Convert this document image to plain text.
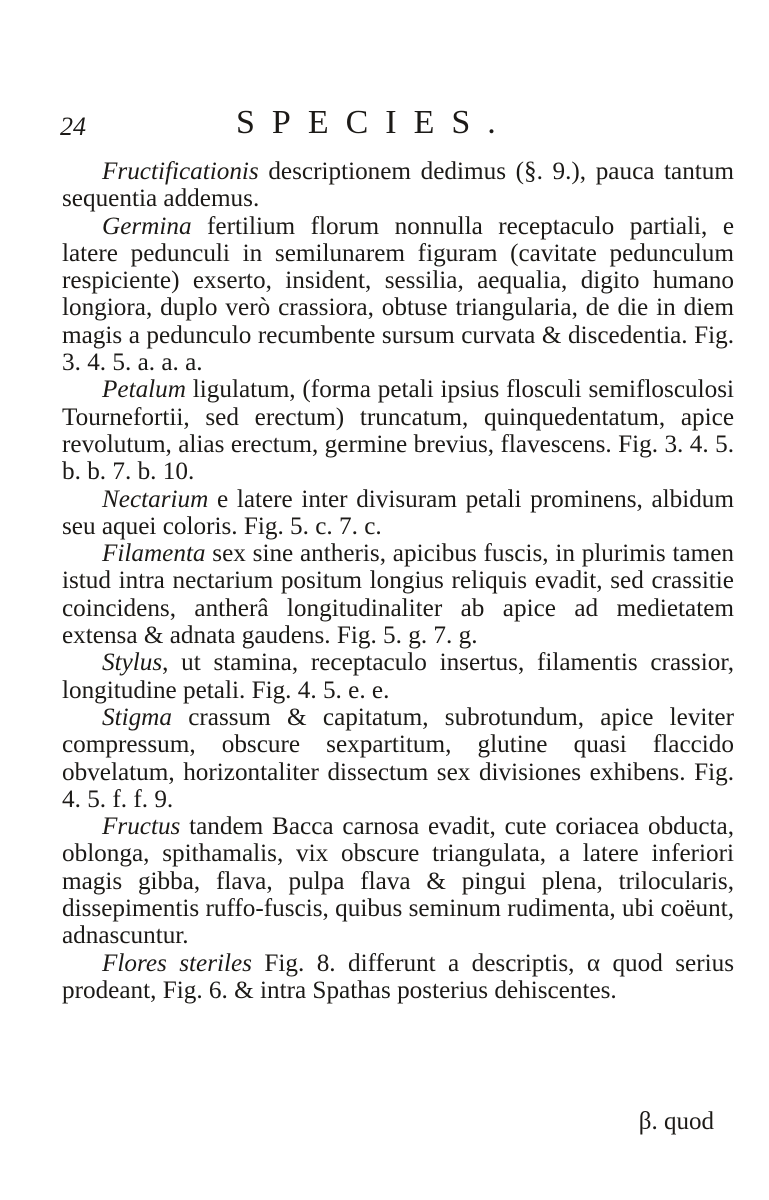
24	SPECIES.

Fructificationis descriptionem dedimus (§. 9.), pauca tantum sequentia addemus.

Germina fertilium florum nonnulla receptaculo partiali, e latere pedunculi in semilunarem figuram (cavitate pedunculum respiciente) exserto, insident, sessilia, aequalia, digito humano longiora, duplo verò crassiora, obtuse triangularia, de die in diem magis a pedunculo recumbente sursum curvata & discedentia. Fig. 3. 4. 5. a. a. a.

Petalum ligulatum, (forma petali ipsius flosculi semiflosculosi Tournefortii, sed erectum) truncatum, quinquedentatum, apice revolutum, alias erectum, germine brevius, flavescens. Fig. 3. 4. 5. b. b. 7. b. 10.

Nectarium e latere inter divisuram petali prominens, albidum seu aquei coloris. Fig. 5. c. 7. c.

Filamenta sex sine antheris, apicibus fuscis, in plurimis tamen istud intra nectarium positum longius reliquis evadit, sed crassitie coincidens, antherâ longitudinaliter ab apice ad medietatem extensa & adnata gaudens. Fig. 5. g. 7. g.

Stylus, ut stamina, receptaculo insertus, filamentis crassior, longitudine petali. Fig. 4. 5. e. e.

Stigma crassum & capitatum, subrotundum, apice leviter compressum, obscure sexpartitum, glutine quasi flaccido obvelatum, horizontaliter dissectum sex divisiones exhibens. Fig. 4. 5. f. f. 9.

Fructus tandem Bacca carnosa evadit, cute coriacea obducta, oblonga, spithamalis, vix obscure triangulata, a latere inferiori magis gibba, flava, pulpa flava & pingui plena, trilocularis, dissepimentis ruffo-fuscis, quibus seminum rudimenta, ubi coëunt, adnascuntur.

Flores steriles Fig. 8. differunt a descriptis, α quod serius prodeant, Fig. 6. & intra Spathas posterius dehiscentes.

β. quod
